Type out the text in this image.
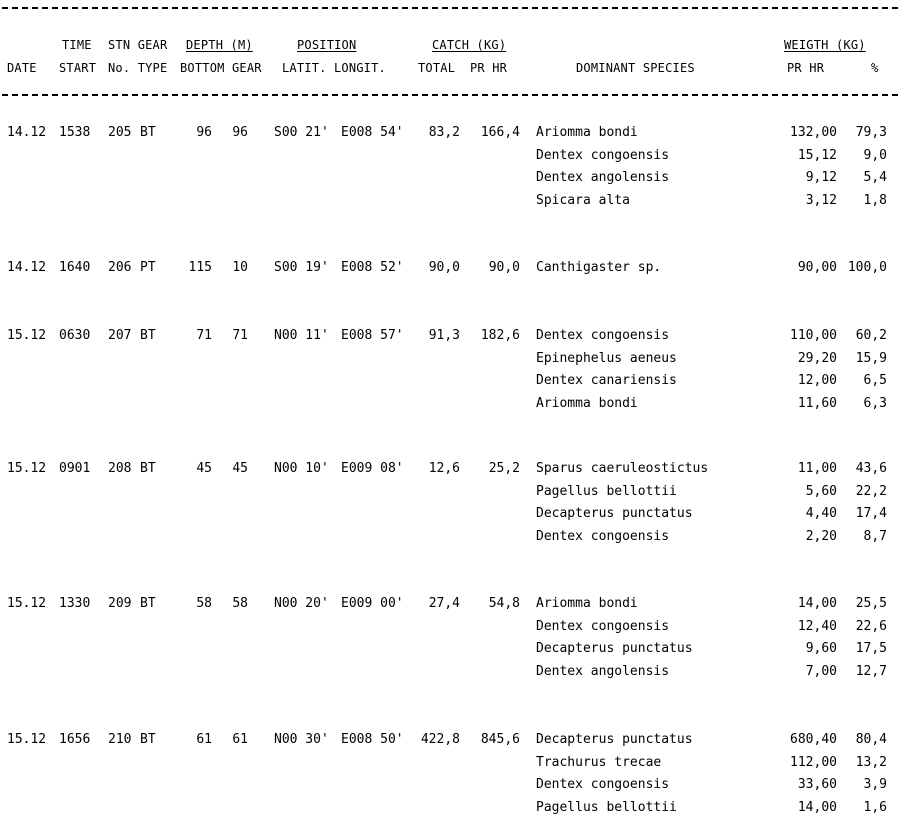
TIME STN GEAR DEPTH (M)	POSITION	CATCH (KG)	WEIGTH (KG)
DATE START No. TYPE BOTTOM GEAR LATIT. LONGIT.	TOTAL  PR HR	DOMINANT SPECIES	PR HR	%
14.12 1538	205 BT	96	96 S00 21' E008 54'	83,2	166,4 Ariomma bondi	132,00	79,3
Dentex congoensis	15,12	9,0
Dentex angolensis	9,12	5,4
Spicara alta	3,12	1,8
14.12 1640	206 PT	115	10 S00 19' E008 52'	90,0	90,0 Canthigaster sp.	90,00 100,0
15.12 0630	207 BT	71	71 N00 11' E008 57'	91,3	182,6 Dentex congoensis	110,00	60,2
Epinephelus aeneus	29,20	15,9
Dentex canariensis	12,00	6,5
Ariomma bondi	11,60	6,3
15.12 0901	208 BT	45	45 N00 10' E009 08'	12,6	25,2 Sparus caeruleostictus	11,00	43,6
Pagellus bellottii	5,60	22,2
Decapterus punctatus	4,40	17,4
Dentex congoensis	2,20	8,7
15.12 1330	209 BT	58	58 N00 20' E009 00'	27,4	54,8 Ariomma bondi	14,00	25,5
Dentex congoensis	12,40	22,6
Decapterus punctatus	9,60	17,5
Dentex angolensis	7,00	12,7
15.12 1656	210 BT	61	61 N00 30' E008 50'	422,8	845,6 Decapterus punctatus	680,40	80,4
Trachurus trecae	112,00	13,2
Dentex congoensis	33,60	3,9
Pagellus bellottii	14,00	1,6
